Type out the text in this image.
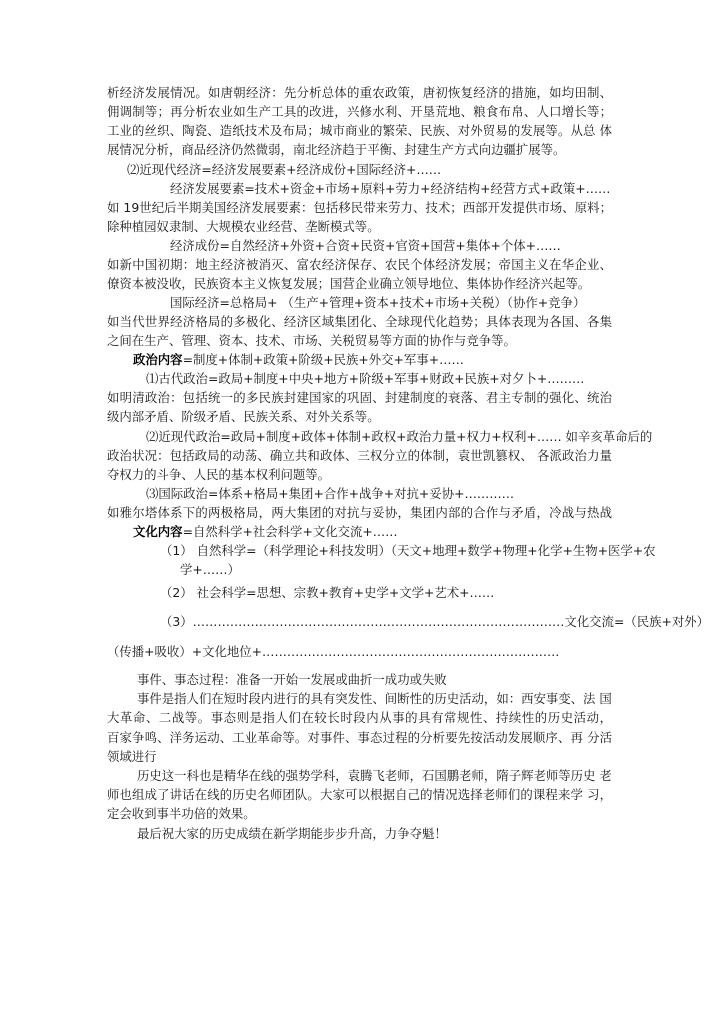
析经济发展情况。如唐朝经济：先分析总体的重农政策，唐初恢复经济的措施，如均田制、
佣调制等；再分析农业如生产工具的改进，兴修水利、开垦荒地、粮食布帛、人口增长等；
工业的丝织、陶瓷、造纸技术及布局；城市商业的繁荣、民族、对外贸易的发展等。从总 体
展情况分析，商品经济仍然微弱，南北经济趋于平衡、封建生产方式向边疆扩展等。
⑵近现代经济=经济发展要素+经济成份+国际经济+……
经济发展要素=技术+资金+市场+原料+劳力+经济结构+经营方式+政策+……
如 19世纪后半期美国经济发展要素：包括移民带来劳力、技术；西部开发提供市场、原料；
除种植园奴隶制、大规模农业经营、垄断模式等。
经济成份=自然经济+外资+合资+民资+官资+国营+集体+个体+……
如新中国初期：地主经济被消灭、富农经济保存、农民个体经济发展；帝国主义在华企业、
僚资本被没收，民族资本主义恢复发展；国营企业确立领导地位、集体协作经济兴起等。
国际经济=总格局+ （生产+管理+资本+技术+市场+关税）（协作+竞争）
如当代世界经济格局的多极化、经济区域集团化、全球现代化趋势；具体表现为各国、各集
之间在生产、管理、资本、技术、市场、关税贸易等方面的协作与竞争等。
政治内容=制度+体制+政策+阶级+民族+外交+军事+……
⑴古代政治=政局+制度+中央+地方+阶级+军事+财政+民族+对夕卜+………
如明清政治：包括统一的多民族封建国家的巩固、封建制度的衰落、君主专制的强化、统治
级内部矛盾、阶级矛盾、民族关系、对外关系等。
⑵近现代政治=政局+制度+政体+体制+政权+政治力量+权力+权利+…… 如辛亥革命后的
政治状况：包括政局的动荡、确立共和政体、三权分立的体制，袁世凯篡权、 各派政治力量
夺权力的斗争、人民的基本权利问题等。
⑶国际政治=体系+格局+集团+合作+战争+对抗+妥协+…………
如雅尔塔体系下的两极格局，两大集团的对抗与妥协，集团内部的合作与矛盾，冷战与热战
文化内容=自然科学+社会科学+文化交流+……
（1） 自然科学=（科学理论+科技发明）（天文+地理+数学+物理+化学+生物+医学+农
学+……）
（2） 社会科学=思想、宗教+教育+史学+文学+艺术+……
（3）………………………………………………………………………………文化交流=（民族+对外）
（传播+吸收）+文化地位+………………………………………………………………
事件、事态过程：准备一开始一发展或曲折一成功或失败
事件是指人们在短时段内进行的具有突发性、间断性的历史活动，如：西安事变、法 国
大革命、二战等。事态则是指人们在较长时段内从事的具有常规性、持续性的历史活动，
百家争鸣、洋务运动、工业革命等。对事件、事态过程的分析要先按活动发展顺序、再 分活
领域进行
历史这一科也是精华在线的强势学科，袁腾飞老师，石国鹏老师，隋子辉老师等历史 老
师也组成了讲话在线的历史名师团队。大家可以根据自己的情况选择老师们的课程来学 习，
定会收到事半功倍的效果。
最后祝大家的历史成绩在新学期能步步升高，力争夺魁！
